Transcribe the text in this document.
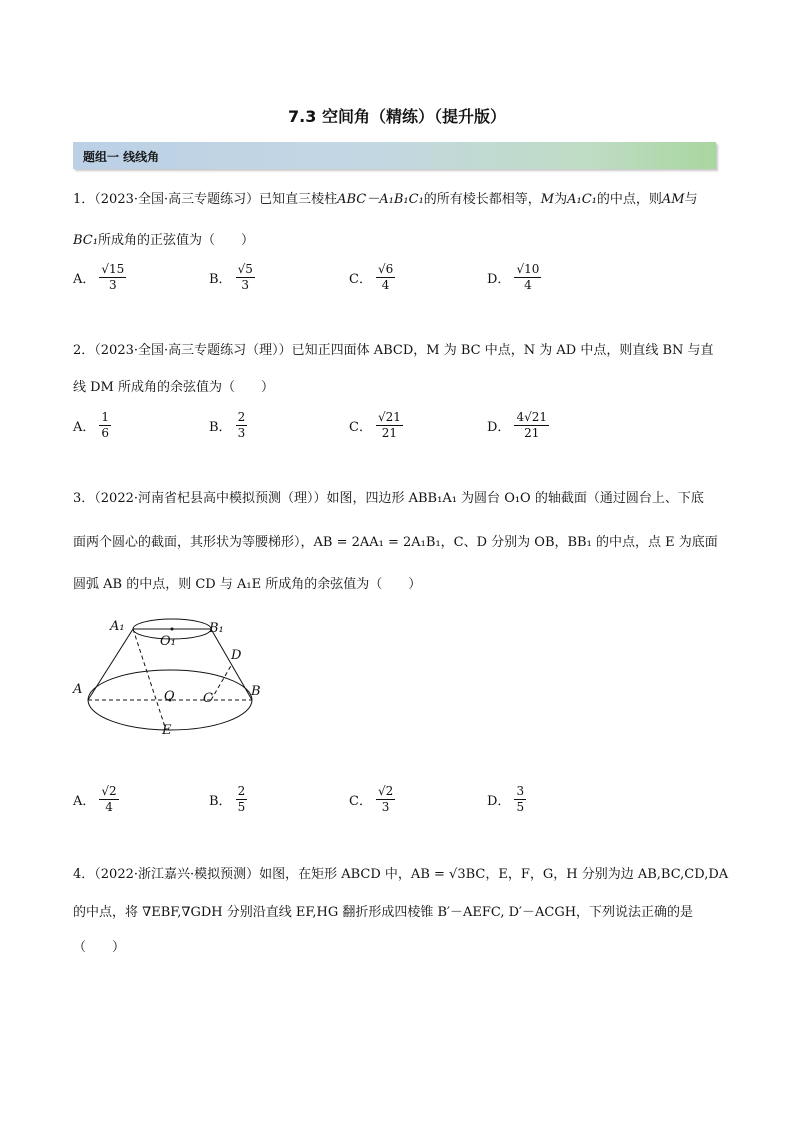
7.3 空间角（精练）（提升版）
题组一 线线角
1．（2023·全国·高三专题练习）已知直三棱柱ABC－A₁B₁C₁的所有棱长都相等，M为A₁C₁的中点，则AM与
BC₁所成角的正弦值为（　　）
A． $\frac{√15}{3}$	B． $\frac{√5}{3}$	C． $\frac{√6}{4}$	D． $\frac{√10}{4}$
2．（2023·全国·高三专题练习（理））已知正四面体 ABCD，M 为 BC 中点，N 为 AD 中点，则直线 BN 与直
线 DM 所成角的余弦值为（　　）
A． $\frac{1}{6}$	B． $\frac{2}{3}$	C． $\frac{√21}{21}$	D． $\frac{4√21}{21}$
3．（2022·河南省杞县高中模拟预测（理））如图，四边形 ABB₁A₁ 为圆台 O₁O 的轴截面（通过圆台上、下底
面两个圆心的截面，其形状为等腰梯形），AB = 2AA₁ = 2A₁B₁，C、D 分别为 OB，BB₁ 的中点，点 E 为底面
圆弧 AB 的中点，则 CD 与 A₁E 所成角的余弦值为（　　）
A₁	B₁
O₁
D
A	O C	B
E
A． $\frac{√2}{4}$	B． $\frac{2}{5}$	C． $\frac{√2}{3}$	D． $\frac{3}{5}$
4．（2022·浙江嘉兴·模拟预测）如图，在矩形 ABCD 中，AB = √3BC，E，F，G，H 分别为边 AB,BC,CD,DA
的中点，将 ∇EBF,∇GDH 分别沿直线 EF,HG 翻折形成四棱锥 B′－AEFC, D′－ACGH，下列说法正确的是
（　　）
